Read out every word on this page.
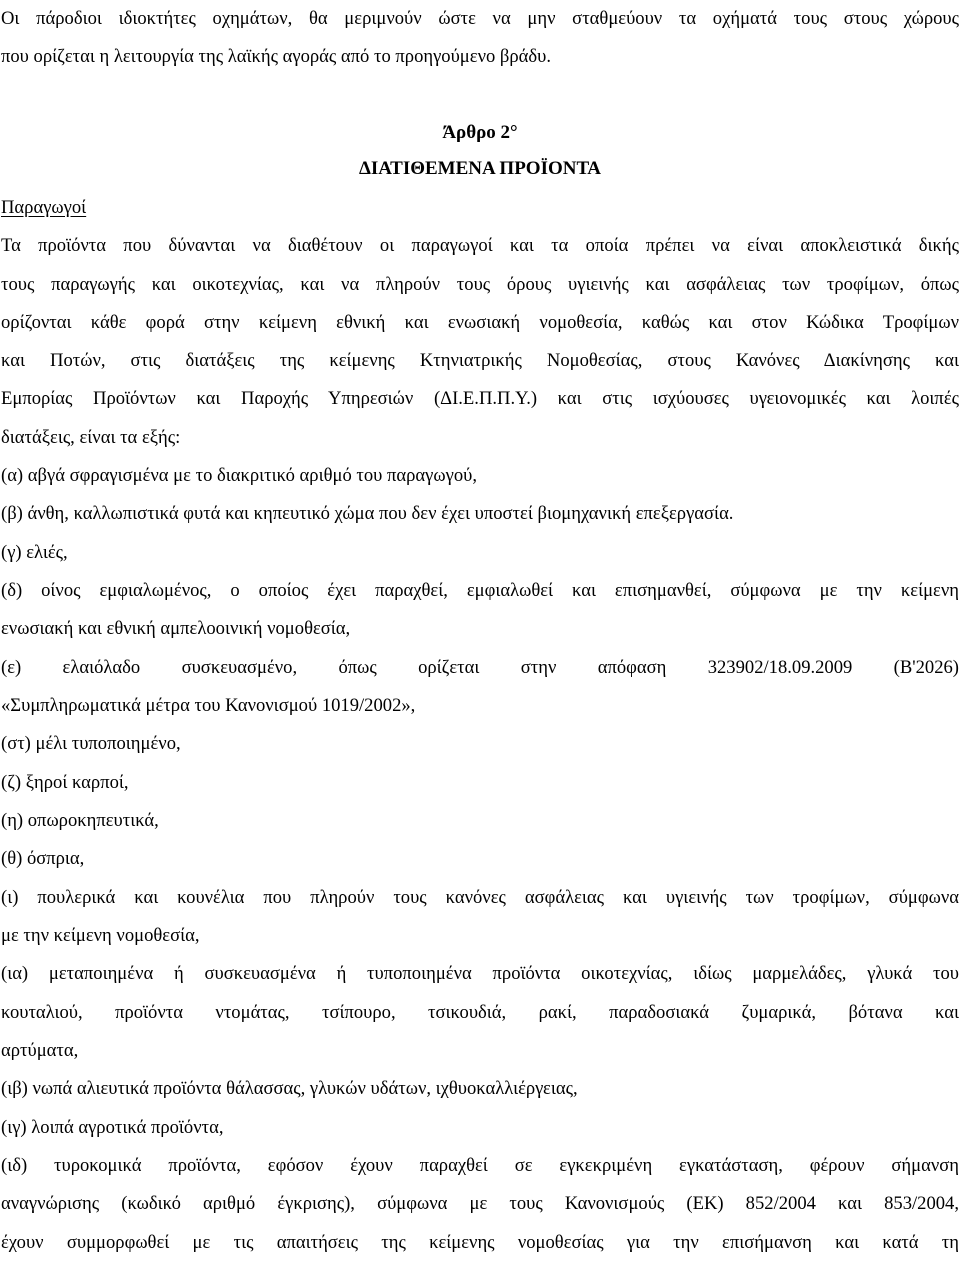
Οι πάροδιοι ιδιοκτήτες οχημάτων, θα μεριμνούν ώστε να μην σταθμεύουν τα οχήματά τους στους χώρους
που ορίζεται η λειτουργία της λαϊκής αγοράς από το προηγούμενο βράδυ.
Άρθρο 2°
ΔΙΑΤΙΘΕΜΕΝΑ ΠΡΟΪΟΝΤΑ
Παραγωγοί
Τα προϊόντα που δύνανται να διαθέτουν οι παραγωγοί και τα οποία πρέπει να είναι αποκλειστικά δικής
τους παραγωγής και οικοτεχνίας, και να πληρούν τους όρους υγιεινής και ασφάλειας των τροφίμων, όπως
ορίζονται κάθε φορά στην κείμενη εθνική και ενωσιακή νομοθεσία, καθώς και στον Κώδικα Τροφίμων
και Ποτών, στις διατάξεις της κείμενης Κτηνιατρικής Νομοθεσίας, στους Κανόνες Διακίνησης και
Εμπορίας Προϊόντων και Παροχής Υπηρεσιών (ΔΙ.Ε.Π.Π.Υ.) και στις ισχύουσες υγειονομικές και λοιπές
διατάξεις, είναι τα εξής:
(α) αβγά σφραγισμένα με το διακριτικό αριθμό του παραγωγού,
(β) άνθη, καλλωπιστικά φυτά και κηπευτικό χώμα που δεν έχει υποστεί βιομηχανική επεξεργασία.
(γ) ελιές,
(δ) οίνος εμφιαλωμένος, ο οποίος έχει παραχθεί, εμφιαλωθεί και επισημανθεί, σύμφωνα με την κείμενη
ενωσιακή και εθνική αμπελοοινική νομοθεσία,
(ε) ελαιόλαδο συσκευασμένο, όπως ορίζεται στην απόφαση 323902/18.09.2009 (Β'2026)
«Συμπληρωματικά μέτρα του Κανονισμού 1019/2002»,
(στ) μέλι τυποποιημένο,
(ζ) ξηροί καρποί,
(η) οπωροκηπευτικά,
(θ) όσπρια,
(ι) πουλερικά και κουνέλια που πληρούν τους κανόνες ασφάλειας και υγιεινής των τροφίμων, σύμφωνα
με την κείμενη νομοθεσία,
(ια) μεταποιημένα ή συσκευασμένα ή τυποποιημένα προϊόντα οικοτεχνίας, ιδίως μαρμελάδες, γλυκά του
κουταλιού, προϊόντα ντομάτας, τσίπουρο, τσικουδιά, ρακί, παραδοσιακά ζυμαρικά, βότανα και
αρτύματα,
(ιβ) νωπά αλιευτικά προϊόντα θάλασσας, γλυκών υδάτων, ιχθυοκαλλιέργειας,
(ιγ) λοιπά αγροτικά προϊόντα,
(ιδ) τυροκομικά προϊόντα, εφόσον έχουν παραχθεί σε εγκεκριμένη εγκατάσταση, φέρουν σήμανση
αναγνώρισης (κωδικό αριθμό έγκρισης), σύμφωνα με τους Κανονισμούς (ΕΚ) 852/2004 και 853/2004,
έχουν συμμορφωθεί με τις απαιτήσεις της κείμενης νομοθεσίας για την επισήμανση και κατά τη
